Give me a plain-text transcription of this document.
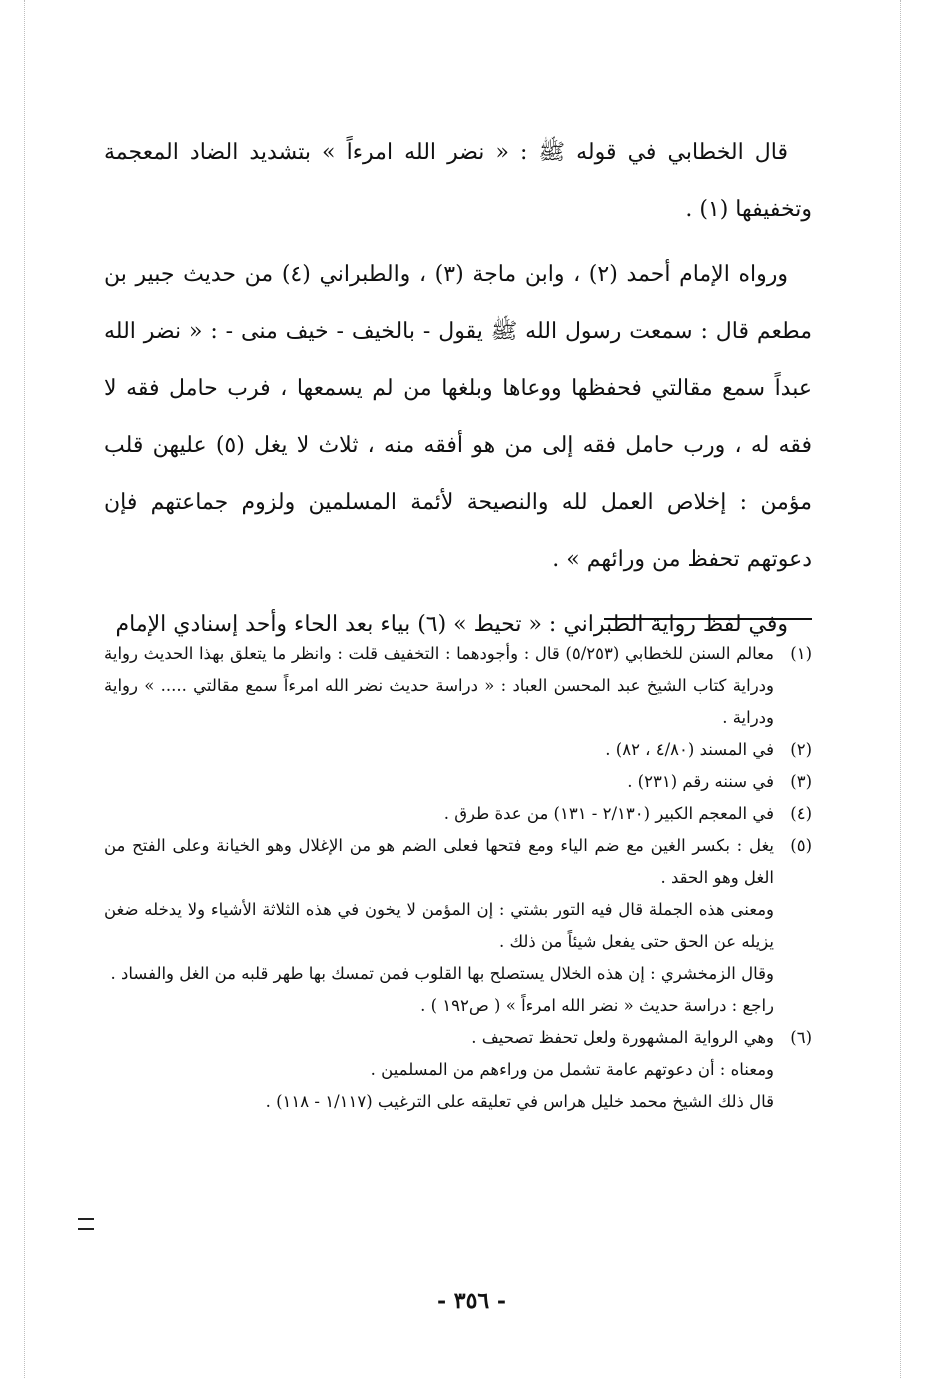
قال الخطابي في قوله ﷺ : « نضر الله امرءاً » بتشديد الضاد المعجمة وتخفيفها (١) .

ورواه الإمام أحمد (٢) ، وابن ماجة (٣) ، والطبراني (٤) من حديث جبير بن مطعم قال : سمعت رسول الله ﷺ يقول - بالخيف - خيف منى - : « نضر الله عبداً سمع مقالتي فحفظها ووعاها وبلغها من لم يسمعها ، فرب حامل فقه لا فقه له ، ورب حامل فقه إلى من هو أفقه منه ، ثلاث لا يغل (٥) عليهن قلب مؤمن : إخلاص العمل لله والنصيحة لأئمة المسلمين ولزوم جماعتهم فإن دعوتهم تحفظ من ورائهم » .

وفي لفظ رواية الطبراني : « تحيط » (٦) بياء بعد الحاء وأحد إسنادي الإمام

(١)
معالم السنن للخطابي (٥/٢٥٣) قال : وأجودهما : التخفيف قلت : وانظر ما يتعلق بهذا الحديث رواية ودراية كتاب الشيخ عبد المحسن العباد : « دراسة حديث نضر الله امرءاً سمع مقالتي ..... » رواية ودراية .
(٢)
في المسند (٤/٨٠ ، ٨٢) .
(٣)
في سننه رقم (٢٣١) .
(٤)
في المعجم الكبير (٢/١٣٠ - ١٣١) من عدة طرق .
(٥)
يغل : بكسر الغين مع ضم الياء ومع فتحها فعلى الضم هو من الإغلال وهو الخيانة وعلى الفتح من الغل وهو الحقد .
ومعنى هذه الجملة قال فيه التور بشتي : إن المؤمن لا يخون في هذه الثلاثة الأشياء ولا يدخله ضغن يزيله عن الحق حتى يفعل شيئاً من ذلك .
وقال الزمخشري : إن هذه الخلال يستصلح بها القلوب فمن تمسك بها طهر قلبه من الغل والفساد .
راجع : دراسة حديث « نضر الله امرءاً » ( ص١٩٢ ) .
(٦)
وهي الرواية المشهورة ولعل تحفظ تصحيف .
ومعناه : أن دعوتهم عامة تشمل من وراءهم من المسلمين .
قال ذلك الشيخ محمد خليل هراس في تعليقه على الترغيب (١/١١٧ - ١١٨) .
- ٣٥٦ -
